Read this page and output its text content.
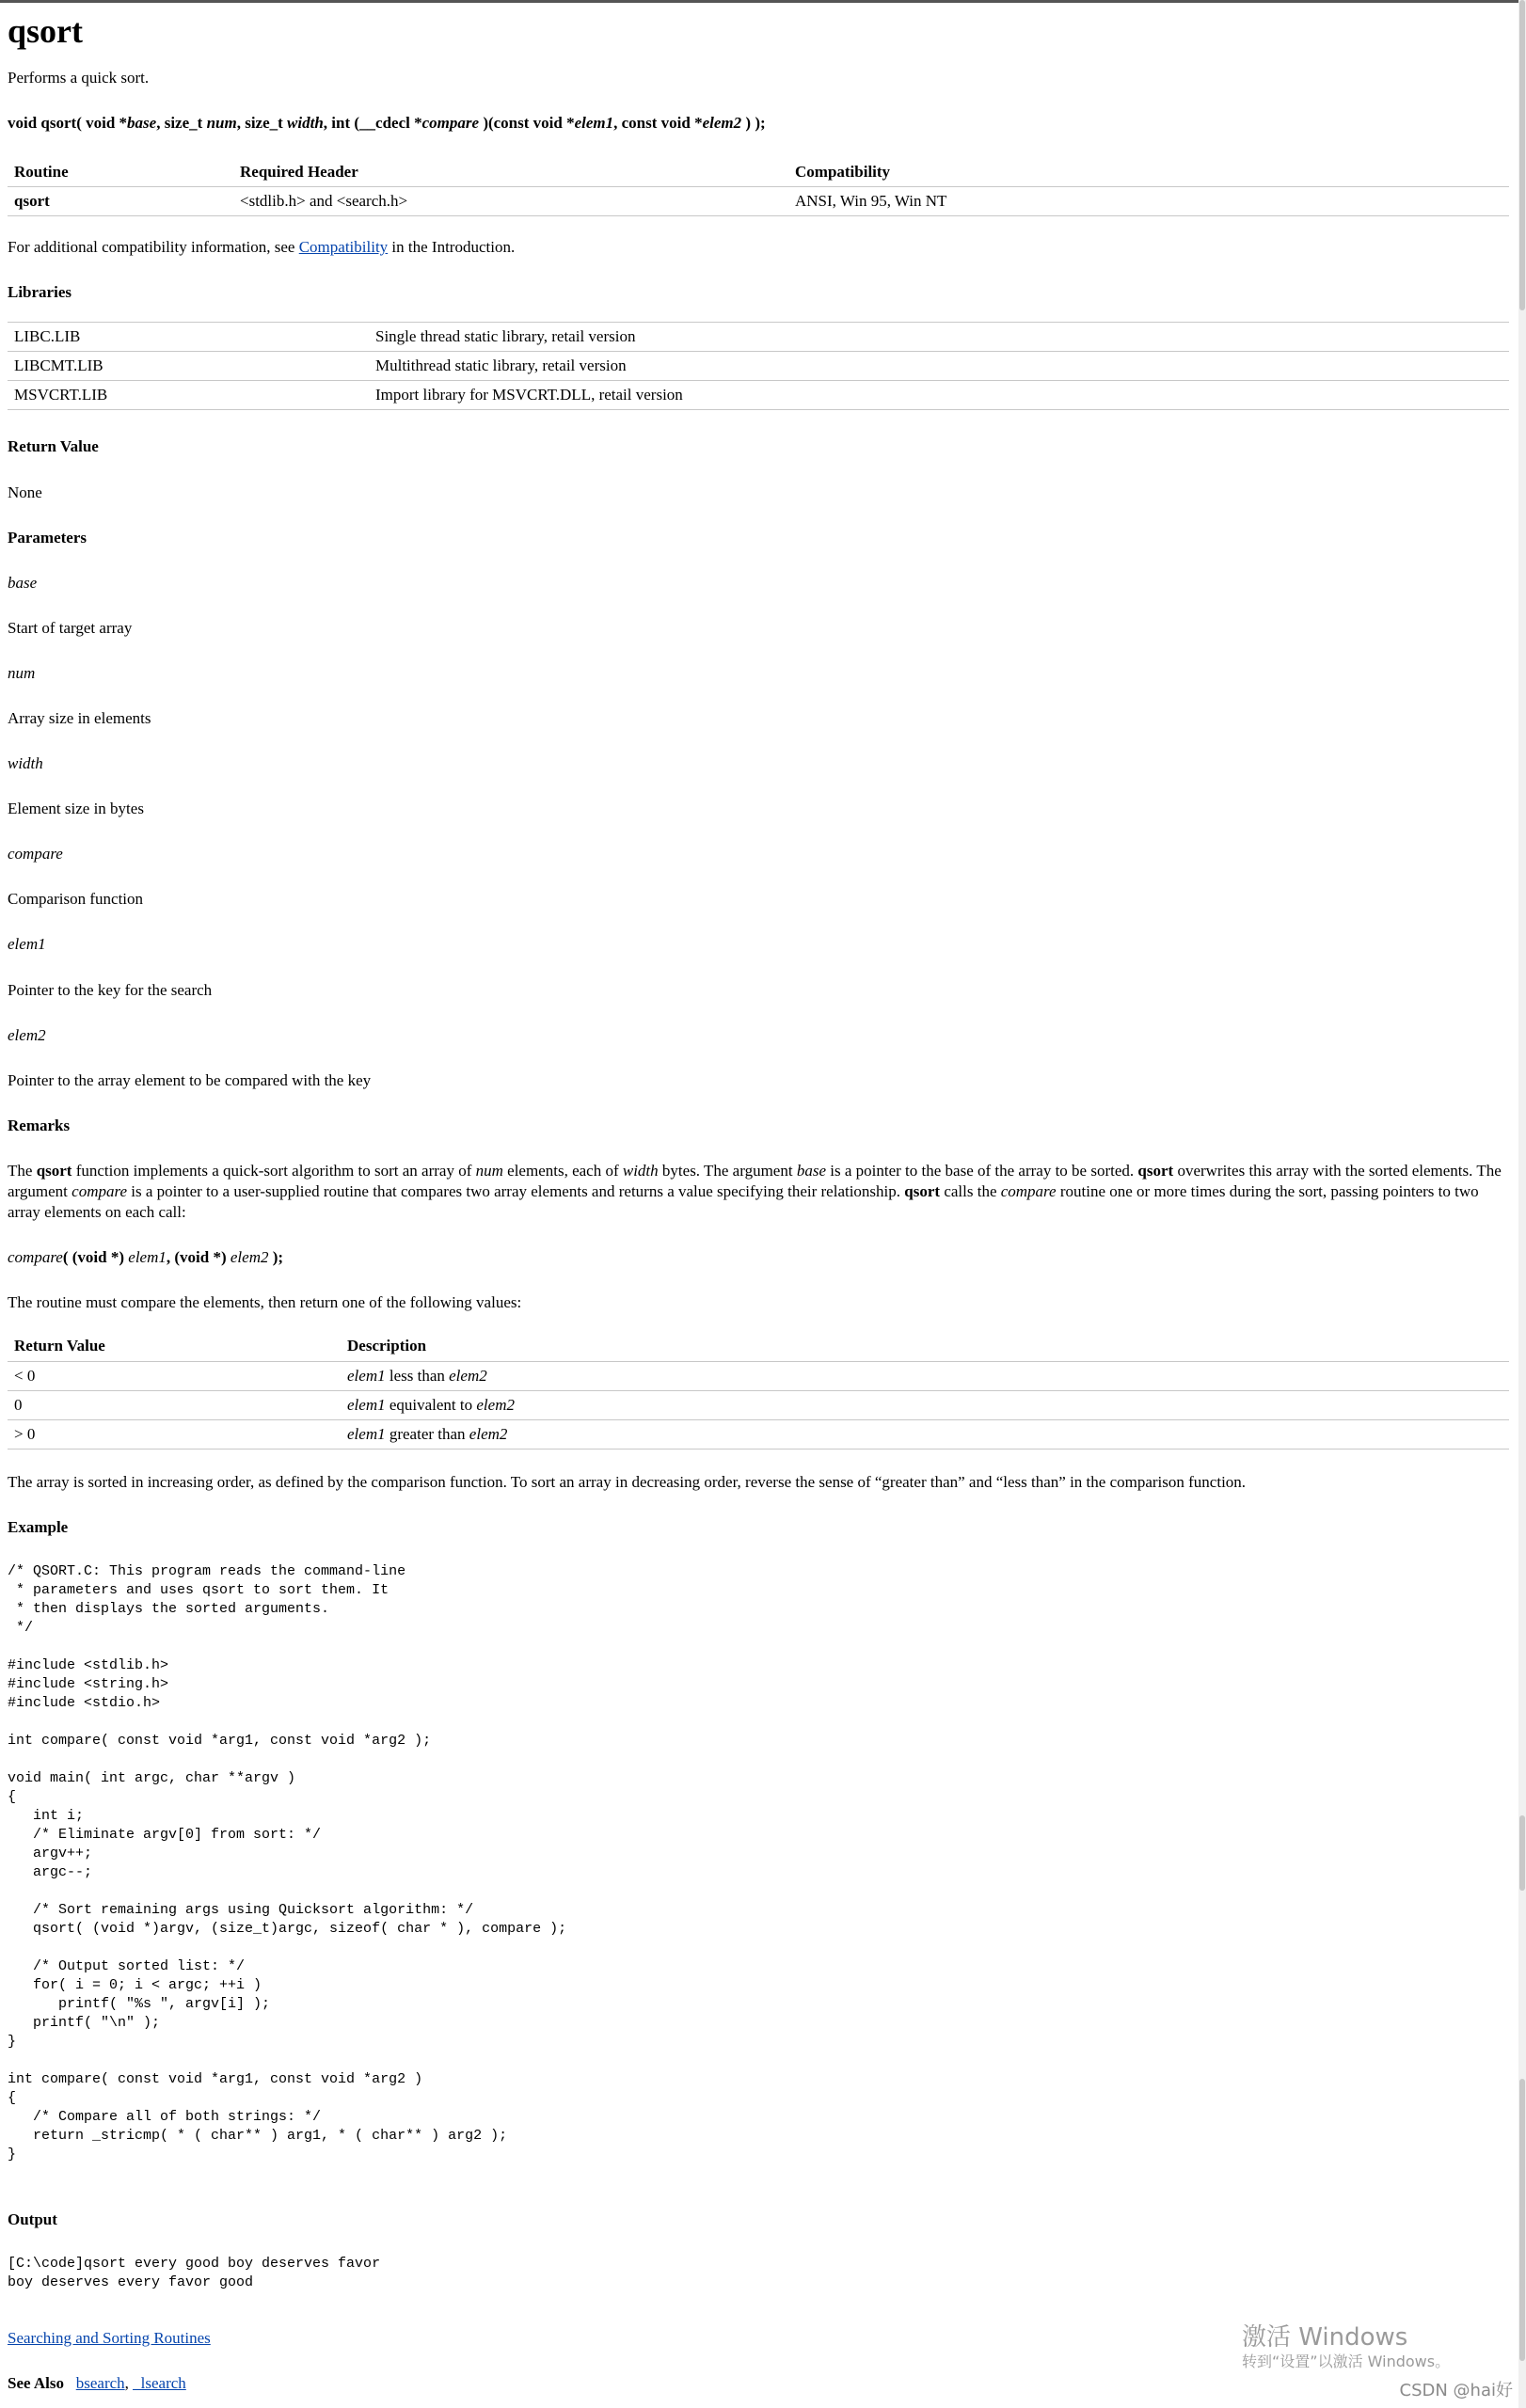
qsort

Performs a quick sort.

void qsort( void *base, size_t num, size_t width, int (__cdecl *compare )(const void *elem1, const void *elem2 ) );

Routine	Required Header	Compatibility
qsort	<stdlib.h> and <search.h>	ANSI, Win 95, Win NT

For additional compatibility information, see Compatibility in the Introduction.

Libraries

LIBC.LIB	Single thread static library, retail version
LIBCMT.LIB	Multithread static library, retail version
MSVCRT.LIB	Import library for MSVCRT.DLL, retail version

Return Value

None

Parameters

base

Start of target array

num

Array size in elements

width

Element size in bytes

compare

Comparison function

elem1

Pointer to the key for the search

elem2

Pointer to the array element to be compared with the key

Remarks

The qsort function implements a quick-sort algorithm to sort an array of num elements, each of width bytes. The argument base is a pointer to the base of the array to be sorted. qsort overwrites this array with the sorted elements. The argument compare is a pointer to a user-supplied routine that compares two array elements and returns a value specifying their relationship. qsort calls the compare routine one or more times during the sort, passing pointers to two array elements on each call:

compare( (void *) elem1, (void *) elem2 );

The routine must compare the elements, then return one of the following values:

Return Value	Description
< 0	elem1 less than elem2
0	elem1 equivalent to elem2
> 0	elem1 greater than elem2

The array is sorted in increasing order, as defined by the comparison function. To sort an array in decreasing order, reverse the sense of “greater than” and “less than” in the comparison function.

Example

/* QSORT.C: This program reads the command-line
* parameters and uses qsort to sort them. It
* then displays the sorted arguments.
*/

#include <stdlib.h>
#include <string.h>
#include <stdio.h>

int compare( const void *arg1, const void *arg2 );

void main( int argc, char **argv )
{
int i;
/* Eliminate argv[0] from sort: */
argv++;
argc--;

/* Sort remaining args using Quicksort algorithm: */
qsort( (void *)argv, (size_t)argc, sizeof( char * ), compare );

/* Output sorted list: */
for( i = 0; i < argc; ++i )
printf( "%s ", argv[i] );
printf( "\n" );
}

int compare( const void *arg1, const void *arg2 )
{
/* Compare all of both strings: */
return _stricmp( * ( char** ) arg1, * ( char** ) arg2 );
}

Output

[C:\code]qsort every good boy deserves favor
boy deserves every favor good

Searching and Sorting Routines

See Also bsearch, _lsearch

激活 Windows
转到“设置”以激活 Windows。
CSDN @hai好
